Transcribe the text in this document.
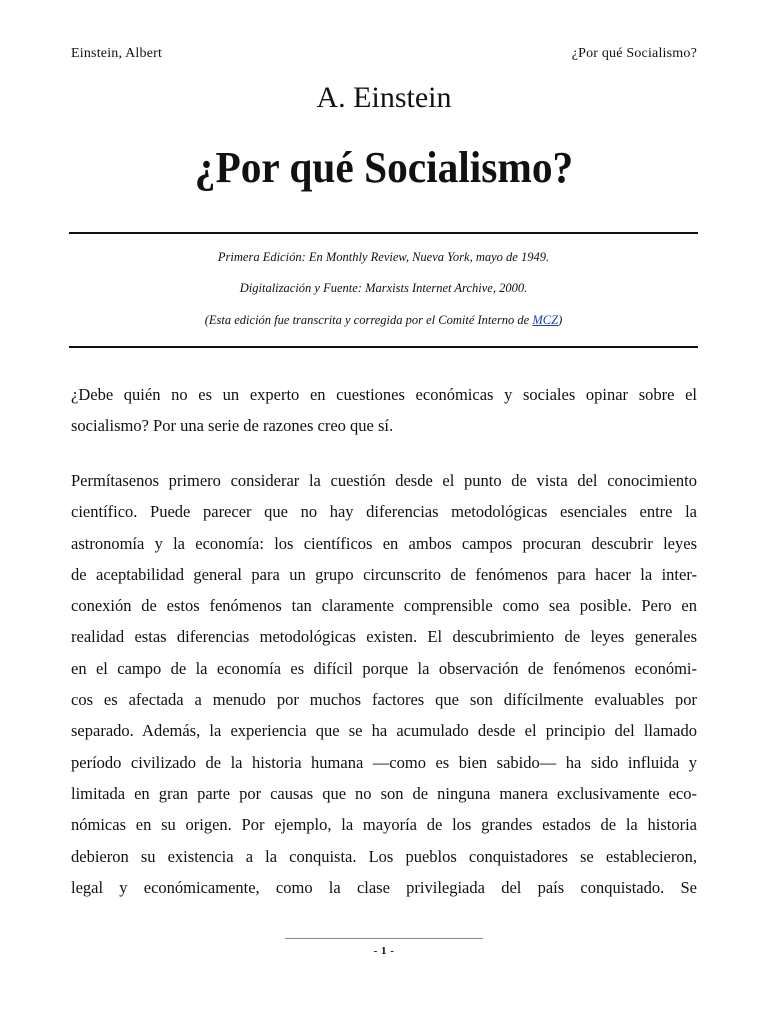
Einstein, Albert	¿Por qué Socialismo?
A. Einstein
¿Por qué Socialismo?
Primera Edición: En Monthly Review, Nueva York, mayo de 1949.
Digitalización y Fuente: Marxists Internet Archive, 2000.
(Esta edición fue transcrita y corregida por el Comité Interno de MCZ)
¿Debe quién no es un experto en cuestiones económicas y sociales opinar sobre el
socialismo? Por una serie de razones creo que sí.
Permítasenos primero considerar la cuestión desde el punto de vista del conocimiento
científico. Puede parecer que no hay diferencias metodológicas esenciales entre la
astronomía y la economía: los científicos en ambos campos procuran descubrir leyes
de aceptabilidad general para un grupo circunscrito de fenómenos para hacer la inter-
conexión de estos fenómenos tan claramente comprensible como sea posible. Pero en
realidad estas diferencias metodológicas existen. El descubrimiento de leyes generales
en el campo de la economía es difícil porque la observación de fenómenos económi-
cos es afectada a menudo por muchos factores que son difícilmente evaluables por
separado. Además, la experiencia que se ha acumulado desde el principio del llamado
período civilizado de la historia humana —como es bien sabido— ha sido influida y
limitada en gran parte por causas que no son de ninguna manera exclusivamente eco-
nómicas en su origen. Por ejemplo, la mayoría de los grandes estados de la historia
debieron su existencia a la conquista. Los pueblos conquistadores se establecieron,
legal y económicamente, como la clase privilegiada del país conquistado. Se
- 1 -
